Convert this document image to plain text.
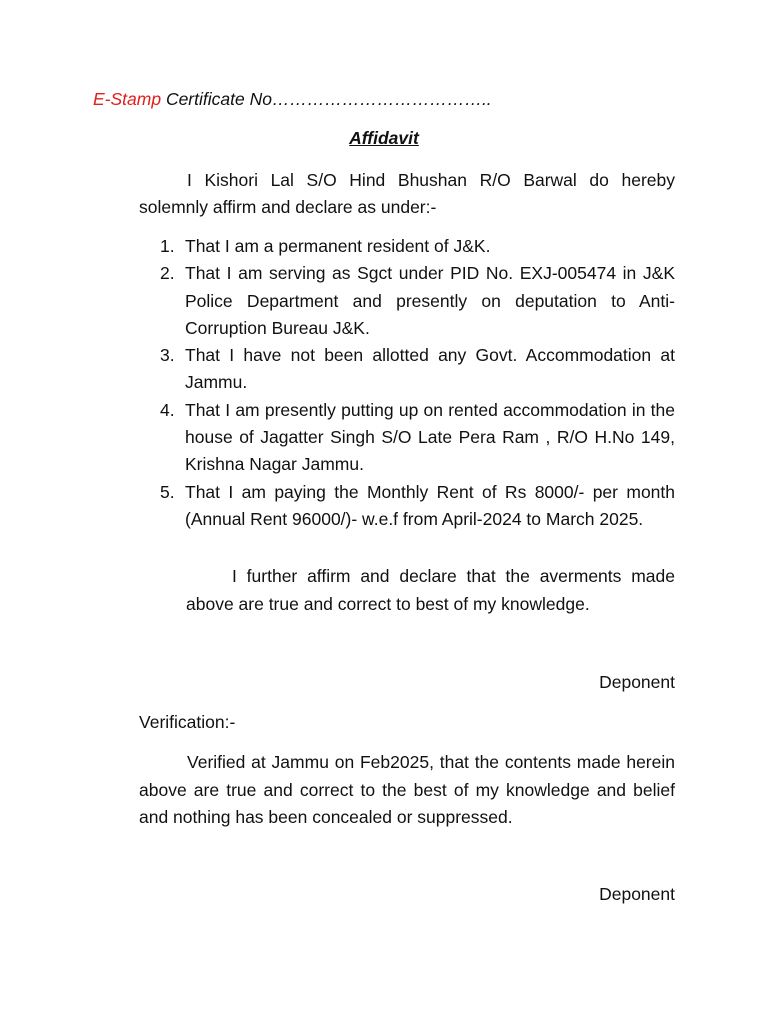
E-Stamp Certificate No………………………………..
Affidavit
I Kishori Lal S/O Hind Bhushan R/O Barwal do hereby solemnly affirm and declare as under:-
1. That I am a permanent resident of J&K.
2. That I am serving as Sgct under PID No. EXJ-005474 in J&K Police Department and presently on deputation to Anti-Corruption Bureau J&K.
3. That I have not been allotted any Govt. Accommodation at Jammu.
4. That I am presently putting up on rented accommodation in the house of Jagatter Singh S/O Late Pera Ram , R/O H.No 149, Krishna Nagar Jammu.
5. That I am paying the Monthly Rent of Rs 8000/- per month (Annual Rent 96000/)- w.e.f from April-2024 to March 2025.
I further affirm and declare that the averments made above are true and correct to best of my knowledge.
Deponent
Verification:-
Verified at Jammu on Feb2025, that the contents made herein above are true and correct to the best of my knowledge and belief and nothing has been concealed or suppressed.
Deponent
